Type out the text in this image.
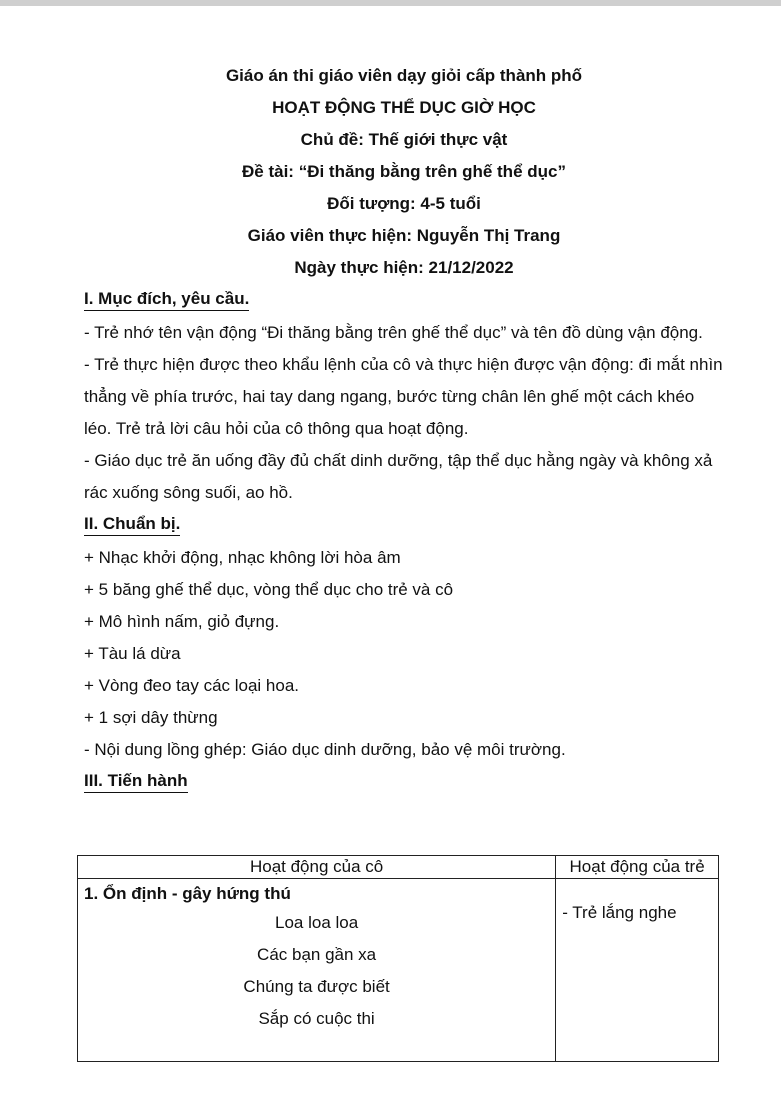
Giáo án thi giáo viên dạy giỏi cấp thành phố
HOẠT ĐỘNG THỂ DỤC GIỜ HỌC
Chủ đề: Thế giới thực vật
Đề tài: “Đi thăng bằng trên ghế thể dục”
Đối tượng: 4-5 tuổi
Giáo viên thực hiện: Nguyễn Thị Trang
Ngày thực hiện: 21/12/2022
I. Mục đích, yêu cầu.

- Trẻ nhớ tên vận động “Đi thăng bằng trên ghế thể dục” và tên đồ dùng vận động.

- Trẻ thực hiện được theo khẩu lệnh của cô và thực hiện được vận động: đi mắt nhìn thẳng về phía trước, hai tay dang ngang, bước từng chân lên ghế một cách khéo léo. Trẻ trả lời câu hỏi của cô thông qua hoạt động.

- Giáo dục trẻ ăn uống đầy đủ chất dinh dưỡng, tập thể dục hằng ngày và không xả rác xuống sông suối, ao hồ.

II. Chuẩn bị.
+ Nhạc khởi động, nhạc không lời hòa âm
+ 5 băng ghế thể dục, vòng thể dục cho trẻ và cô
+ Mô hình nấm, giỏ đựng.
+ Tàu lá dừa
+ Vòng đeo tay các loại hoa.
+ 1 sợi dây thừng
- Nội dung lồng ghép: Giáo dục dinh dưỡng, bảo vệ môi trường.
III. Tiến hành
Hoạt động của cô	Hoạt động của trẻ

1. Ổn định - gây hứng thú
Loa loa loa
Các bạn gần xa
Chúng ta được biết
Sắp có cuộc thi	- Trẻ lắng nghe
